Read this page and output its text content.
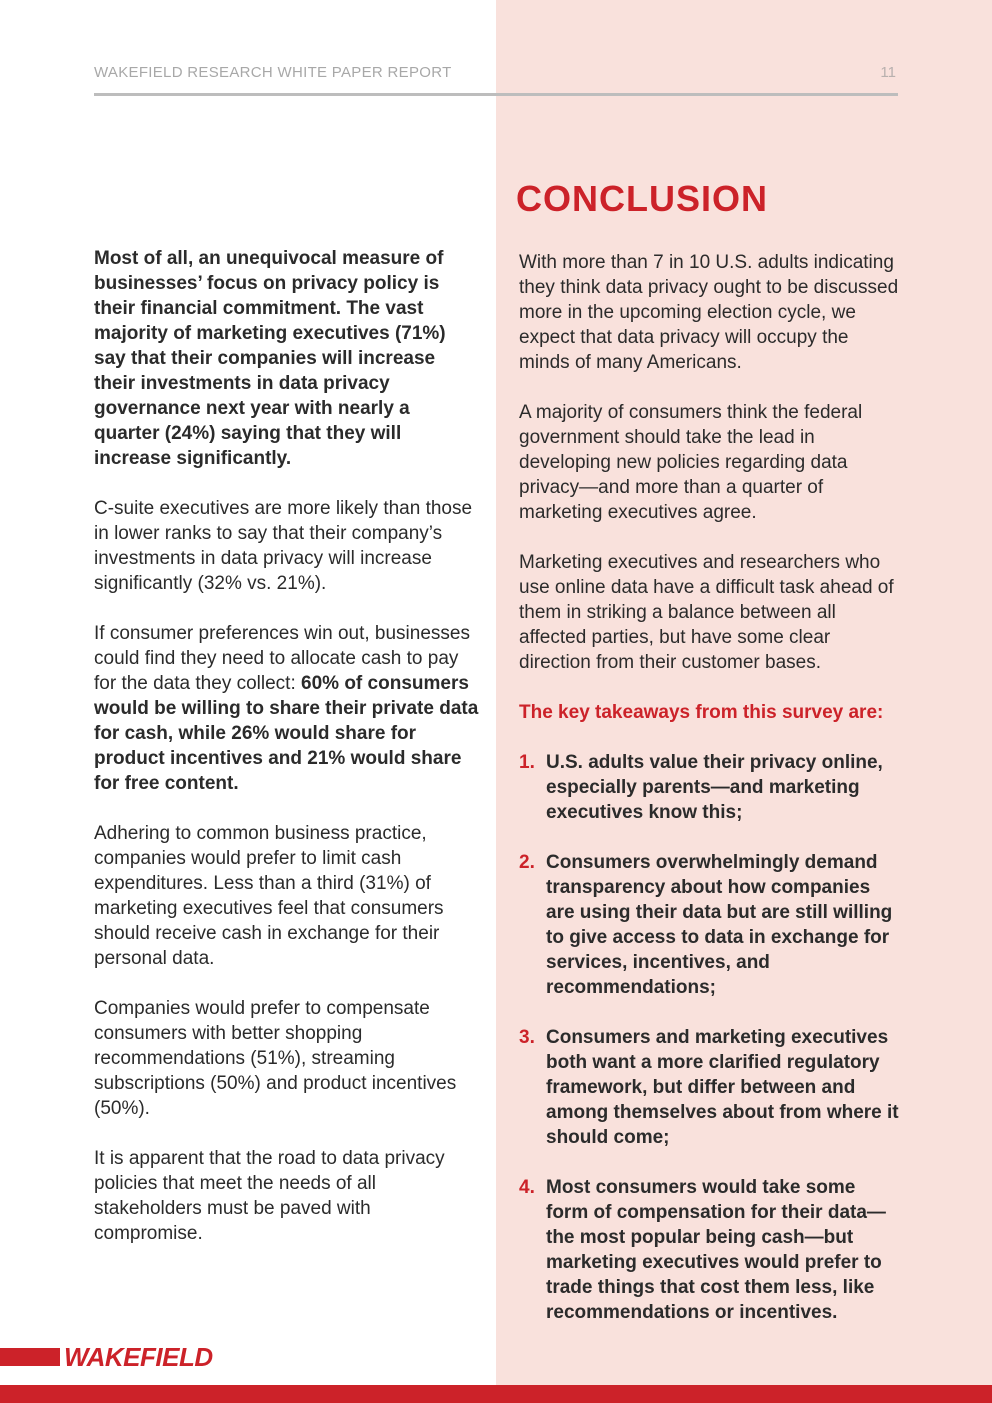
WAKEFIELD RESEARCH WHITE PAPER REPORT	11

Most of all, an unequivocal measure of businesses’ focus on privacy policy is their financial commitment. The vast majority of marketing executives (71%) say that their companies will increase their investments in data privacy governance next year with nearly a quarter (24%) saying that they will increase significantly.

C-suite executives are more likely than those in lower ranks to say that their company’s investments in data privacy will increase significantly (32% vs. 21%).

If consumer preferences win out, businesses could find they need to allocate cash to pay for the data they collect: 60% of consumers would be willing to share their private data for cash, while 26% would share for product incentives and 21% would share for free content.

Adhering to common business practice, companies would prefer to limit cash expenditures. Less than a third (31%) of marketing executives feel that consumers should receive cash in exchange for their personal data.

Companies would prefer to compensate consumers with better shopping recommendations (51%), streaming subscriptions (50%) and product incentives (50%).

It is apparent that the road to data privacy policies that meet the needs of all stakeholders must be paved with compromise.

CONCLUSION

With more than 7 in 10 U.S. adults indicating they think data privacy ought to be discussed more in the upcoming election cycle, we expect that data privacy will occupy the minds of many Americans.

A majority of consumers think the federal government should take the lead in developing new policies regarding data privacy—and more than a quarter of marketing executives agree.

Marketing executives and researchers who use online data have a difficult task ahead of them in striking a balance between all affected parties, but have some clear direction from their customer bases.

The key takeaways from this survey are:

1. U.S. adults value their privacy online, especially parents—and marketing executives know this;
2. Consumers overwhelmingly demand transparency about how companies are using their data but are still willing to give access to data in exchange for services, incentives, and recommendations;
3. Consumers and marketing executives both want a more clarified regulatory framework, but differ between and among themselves about from where it should come;
4. Most consumers would take some form of compensation for their data—the most popular being cash—but marketing executives would prefer to trade things that cost them less, like recommendations or incentives.
WAKEFIELD
